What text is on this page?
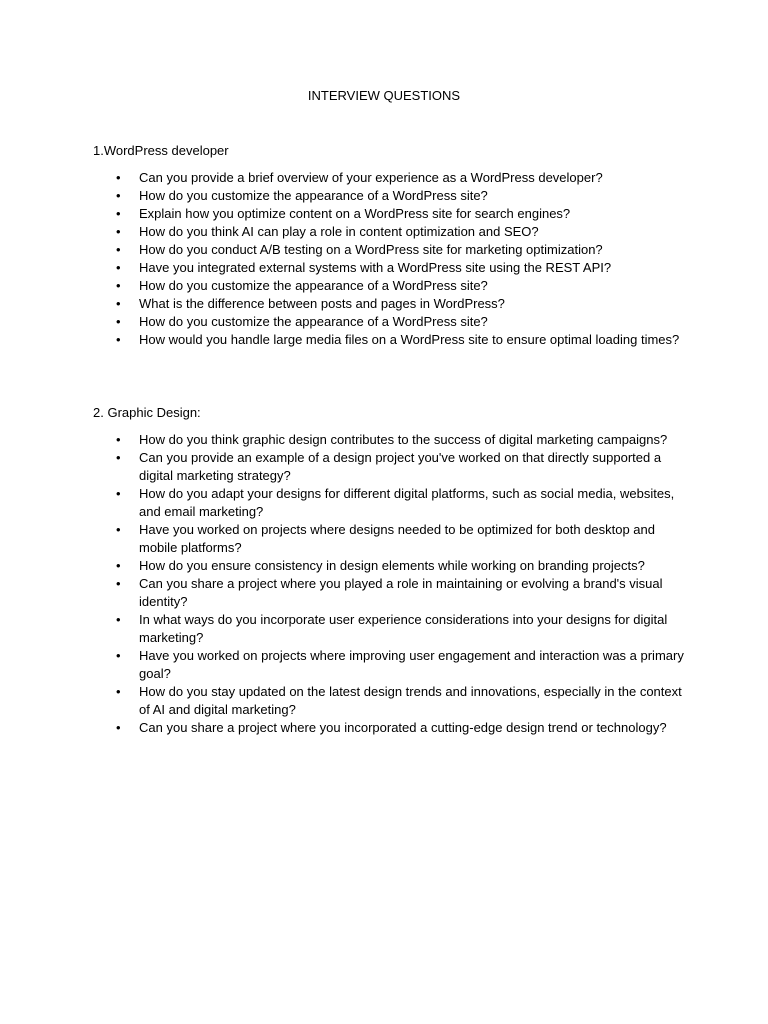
INTERVIEW QUESTIONS
1.WordPress developer
• Can you provide a brief overview of your experience as a WordPress developer?
• How do you customize the appearance of a WordPress site?
• Explain how you optimize content on a WordPress site for search engines?
• How do you think AI can play a role in content optimization and SEO?
• How do you conduct A/B testing on a WordPress site for marketing optimization?
• Have you integrated external systems with a WordPress site using the REST API?
• How do you customize the appearance of a WordPress site?
• What is the difference between posts and pages in WordPress?
• How do you customize the appearance of a WordPress site?
• How would you handle large media files on a WordPress site to ensure optimal loading times?
2. Graphic Design:
• How do you think graphic design contributes to the success of digital marketing campaigns?
• Can you provide an example of a design project you've worked on that directly supported a digital marketing strategy?
• How do you adapt your designs for different digital platforms, such as social media, websites, and email marketing?
• Have you worked on projects where designs needed to be optimized for both desktop and mobile platforms?
• How do you ensure consistency in design elements while working on branding projects?
• Can you share a project where you played a role in maintaining or evolving a brand's visual identity?
• In what ways do you incorporate user experience considerations into your designs for digital marketing?
• Have you worked on projects where improving user engagement and interaction was a primary goal?
• How do you stay updated on the latest design trends and innovations, especially in the context of AI and digital marketing?
• Can you share a project where you incorporated a cutting-edge design trend or technology?
